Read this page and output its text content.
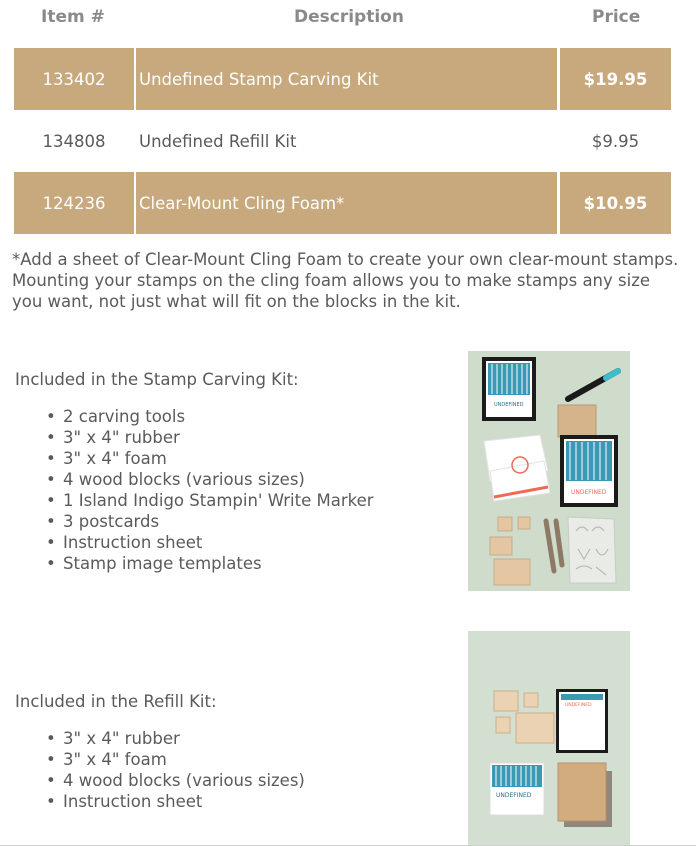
Item #	Description	Price
133402	Undefined Stamp Carving Kit	$19.95
134808	Undefined Refill Kit	$9.95
124236	Clear-Mount Cling Foam*	$10.95
*Add a sheet of Clear-Mount Cling Foam to create your own clear-mount stamps. Mounting your stamps on the cling foam allows you to make stamps any size you want, not just what will fit on the blocks in the kit.
Included in the Stamp Carving Kit:
• 2 carving tools
• 3" x 4" rubber
• 3" x 4" foam
• 4 wood blocks (various sizes)
• 1 Island Indigo Stampin' Write Marker
• 3 postcards
• Instruction sheet
• Stamp image templates
UNDEFINED
UNDEFINED
Included in the Refill Kit:
• 3" x 4" rubber
• 3" x 4" foam
• 4 wood blocks (various sizes)
• Instruction sheet
UNDEFINED
UNDEFINED
